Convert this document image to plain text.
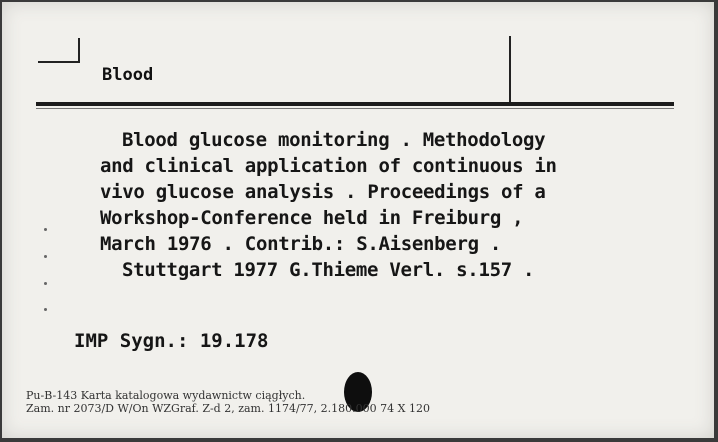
Blood
Blood glucose monitoring . Methodology
and clinical application of continuous in
vivo glucose analysis . Proceedings of a
Workshop-Conference held in Freiburg ,
March 1976 . Contrib.: S.Aisenberg .
Stuttgart 1977 G.Thieme Verl. s.157 .
IMP Sygn.: 19.178
Pu-B-143 Karta katalogowa wydawnictw ciągłych.
Zam. nr 2073/D W/On WZGraf. Z-d 2, zam. 1174/77, 2.180.000 74 X 120
